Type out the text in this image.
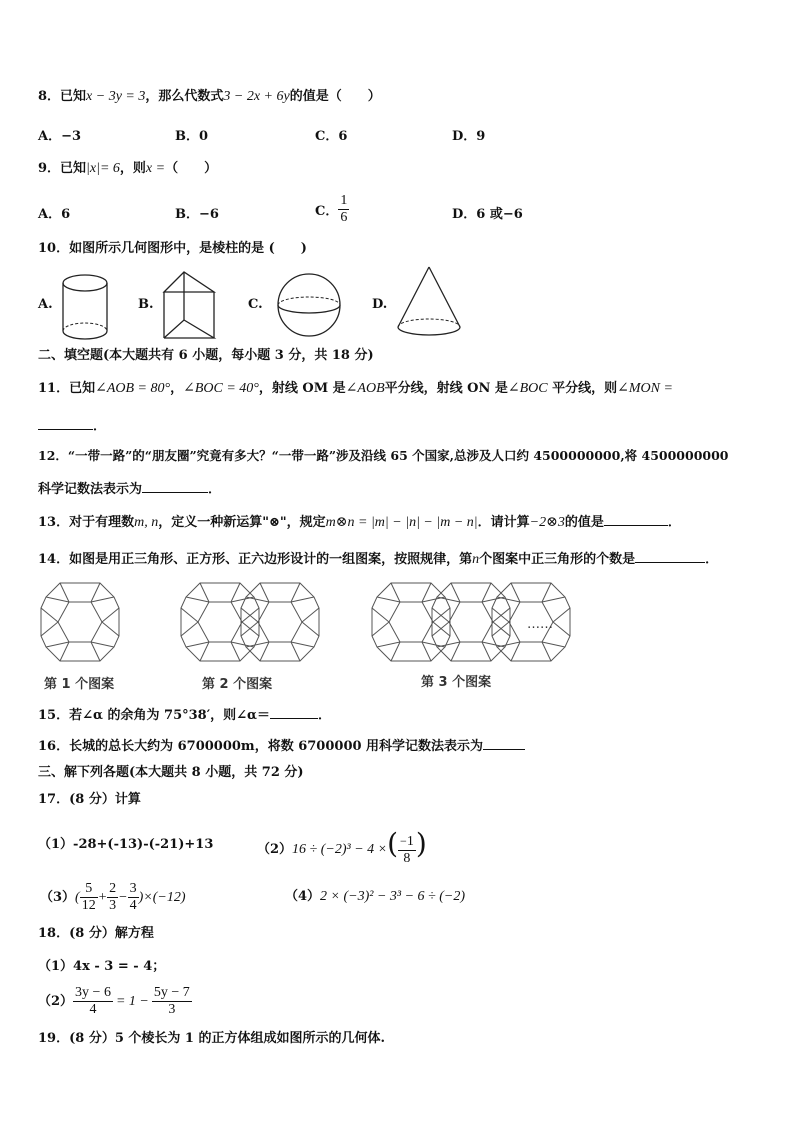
8．已知x − 3y = 3，那么代数式3 − 2x + 6y的值是（　　）
A．−3	B．0	C．6	D．9
9．已知|x|= 6，则x =（　　）
A．6	B．−6	C． $\frac{1}{6}$	D．6 或−6
10．如图所示几何图形中，是棱柱的是 (　　)
A.	B.	C.	D.
二、填空题(本大题共有 6 小题，每小题 3 分，共 18 分)
11．已知∠AOB = 80°，∠BOC = 40°，射线 OM 是∠AOB平分线，射线 ON 是∠BOC 平分线，则∠MON =
．
12．“一带一路”的“朋友圈”究竟有多大？“一带一路”涉及沿线 65 个国家,总涉及人口约 4500000000,将 4500000000
科学记数法表示为	．
13．对于有理数m, n，定义一种新运算"⊗"，规定m⊗n = |m| − |n| − |m − n|．请计算−2⊗3的值是	．
14．如图是用正三角形、正方形、正六边形设计的一组图案，按照规律，第n个图案中正三角形的个数是	．
……
第 1 个图案	第 2 个图案	第 3 个图案
15．若∠α 的余角为 75°38′，则∠α＝	．
16．长城的总长大约为 6700000m，将数 6700000 用科学记数法表示为
三、解下列各题(本大题共 8 小题，共 72 分)
17．(8 分）计算
（1）-28+(-13)-(-21)+13	（2）16 ÷ (−2)³ − 4 ×( $\frac{-1}{8}$ )
$(3)( \frac{5}{12} + \frac{2}{3} - \frac{3}{4} )\times(-12)$	（4）2 × (−3)² − 3³ − 6 ÷ (−2)
18．(8 分）解方程
（1）4x - 3 = - 4；
$(2) \frac{3y - 6}{4} = 1 - \frac{5y - 7}{3}$
19．(8 分）5 个棱长为 1 的正方体组成如图所示的几何体.
